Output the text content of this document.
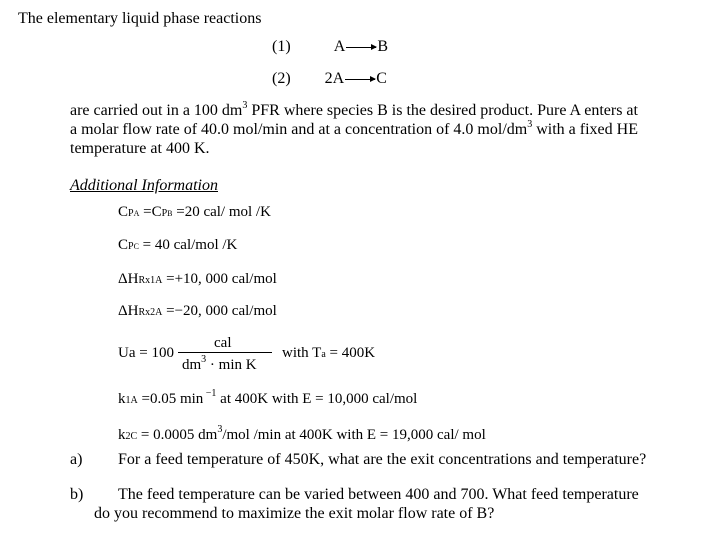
The elementary liquid phase reactions
(1)	A→B
(2) 2A→C
are carried out in a 100 $dm^3$ PFR where species B is the desired product. Pure A enters at
a molar flow rate of 40.0 mol/min and at a concentration of 4.0 mol/$dm^3$ with a fixed HE
temperature at 400 K.
Additional Information
CPA =CPB =20 cal/ mol /K
CPC = 40 cal/mol /K
ΔHRx1A =+10, 000 cal/mol
ΔHRx2A =−20, 000 cal/mol
Ua = 100
cal
$dm^3 \cdot \min K$
with Ta = 400K
k1A =0.05 min $^{-1}$ at 400K with E = 10,000 cal/mol
k2C = 0.0005 $dm^3$/mol /min at 400K with E = 19,000 cal/ mol
a) For a feed temperature of 450K, what are the exit concentrations and temperature?
b) The feed temperature can be varied between 400 and 700. What feed temperature
do you recommend to maximize the exit molar flow rate of B?
